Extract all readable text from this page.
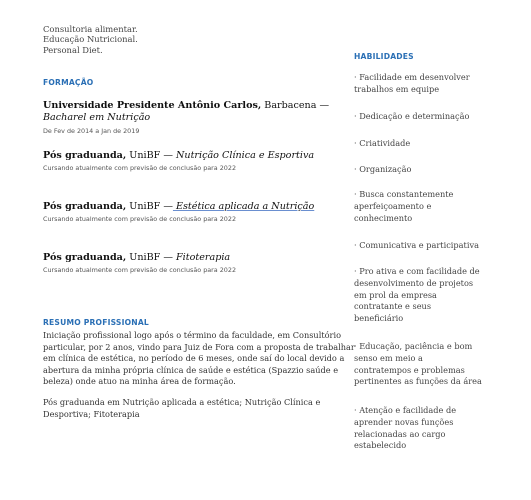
Consultoria alimentar.
Educação Nutricional.
Personal Diet.
FORMAÇÃO
Universidade Presidente Antônio Carlos, Barbacena —
Bacharel em Nutrição
De Fev de 2014 a Jan de 2019
Pós graduanda, UniBF — Nutrição Clínica e Esportiva
Cursando atualmente com previsão de conclusão para 2022
Pós graduanda, UniBF — Estética aplicada a Nutrição
Cursando atualmente com previsão de conclusão para 2022
Pós graduanda, UniBF — Fitoterapia
Cursando atualmente com previsão de conclusão para 2022
RESUMO PROFISSIONAL
Iniciação profissional logo após o término da faculdade, em Consultório
particular, por 2 anos, vindo para Juiz de Fora com a proposta de trabalhar
em clínica de estética, no período de 6 meses, onde saí do local devido a
abertura da minha própria clínica de saúde e estética (Spazzio saúde e
beleza) onde atuo na minha área de formação.
Pós graduanda em Nutrição aplicada a estética; Nutrição Clínica e
Desportiva; Fitoterapia
HABILIDADES
· Facilidade em desenvolver
trabalhos em equipe
· Dedicação e determinação
· Criatividade
· Organização
· Busca constantemente
aperfeiçoamento e
conhecimento
· Comunicativa e participativa
· Pro ativa e com facilidade de
desenvolvimento de projetos
em prol da empresa
contratante e seus
beneficiário
· Educação, paciência e bom
senso em meio a
contratempos e problemas
pertinentes as funções da área
· Atenção e facilidade de
aprender novas funções
relacionadas ao cargo
estabelecido
